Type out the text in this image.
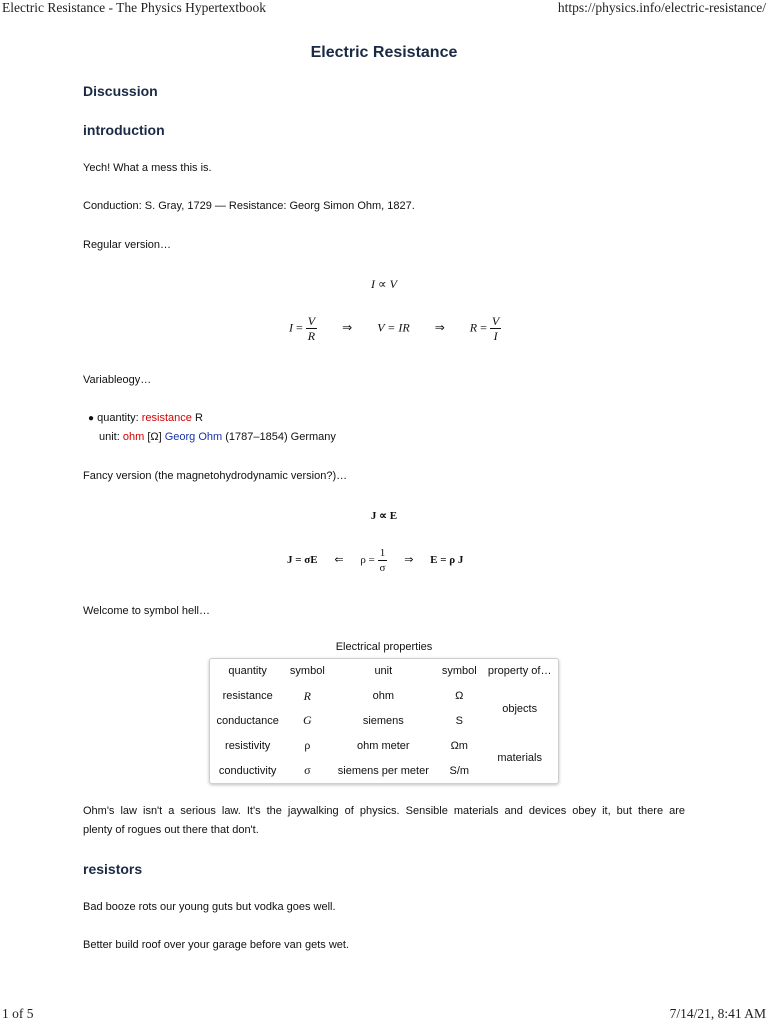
Electric Resistance - The Physics Hypertextbook	https://physics.info/electric-resistance/
Electric Resistance
Discussion
introduction
Yech! What a mess this is.
Conduction: S. Gray, 1729 — Resistance: Georg Simon Ohm, 1827.
Regular version…
I ∝ V
$I = \frac{V}{R}$ ⇒ V = IR ⇒ $R = \frac{V}{I}$
Variableogy…
● quantity: resistance R
unit: ohm [Ω] Georg Ohm (1787–1854) Germany
Fancy version (the magnetohydrodynamic version?)…
J ∝ E
J = σE ⇐ $\rho = \frac{1}{\sigma}$ ⇒ E = ρ J
Welcome to symbol hell…
Electrical properties
quantity	symbol	unit	symbol	property of…
resistance	R	ohm	Ω	objects
conductance	G	siemens	S	
resistivity	ρ	ohm meter	Ωm	materials
conductivity	σ	siemens per meter	S/m	
Ohm's law isn't a serious law. It's the jaywalking of physics. Sensible materials and devices obey it, but there are
plenty of rogues out there that don't.
resistors
Bad booze rots our young guts but vodka goes well.
Better build roof over your garage before van gets wet.
1 of 5	7/14/21, 8:41 AM
